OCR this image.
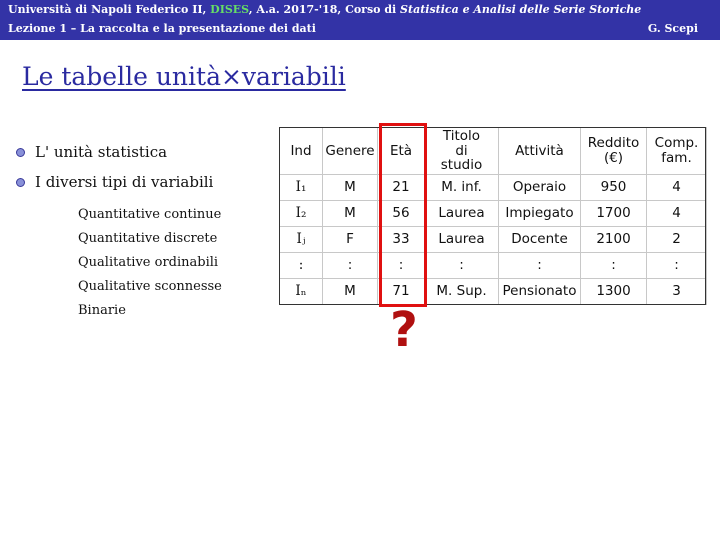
Università di Napoli Federico II, DISES, A.a. 2017-'18, Corso di Statistica e Analisi delle Serie Storiche
Lezione 1 – La raccolta e la presentazione dei dati	G. Scepi
Le tabelle unità×variabili
L' unità statistica
I diversi tipi di variabili
Quantitative continue
Quantitative discrete
Qualitative ordinabili
Qualitative sconnesse
Binarie
Ind	Genere	Età	Titolo di studio	Attività	Reddito (€)	Comp. fam.

I₁	M	21	M. inf.	Operaio	950	4
I₂	M	56	Laurea	Impiegato	1700	4
Iⱼ	F	33	Laurea	Docente	2100	2
:	:	:	:	:	:	:
Iₙ	M	71	M. Sup.	Pensionato	1300	3
?
